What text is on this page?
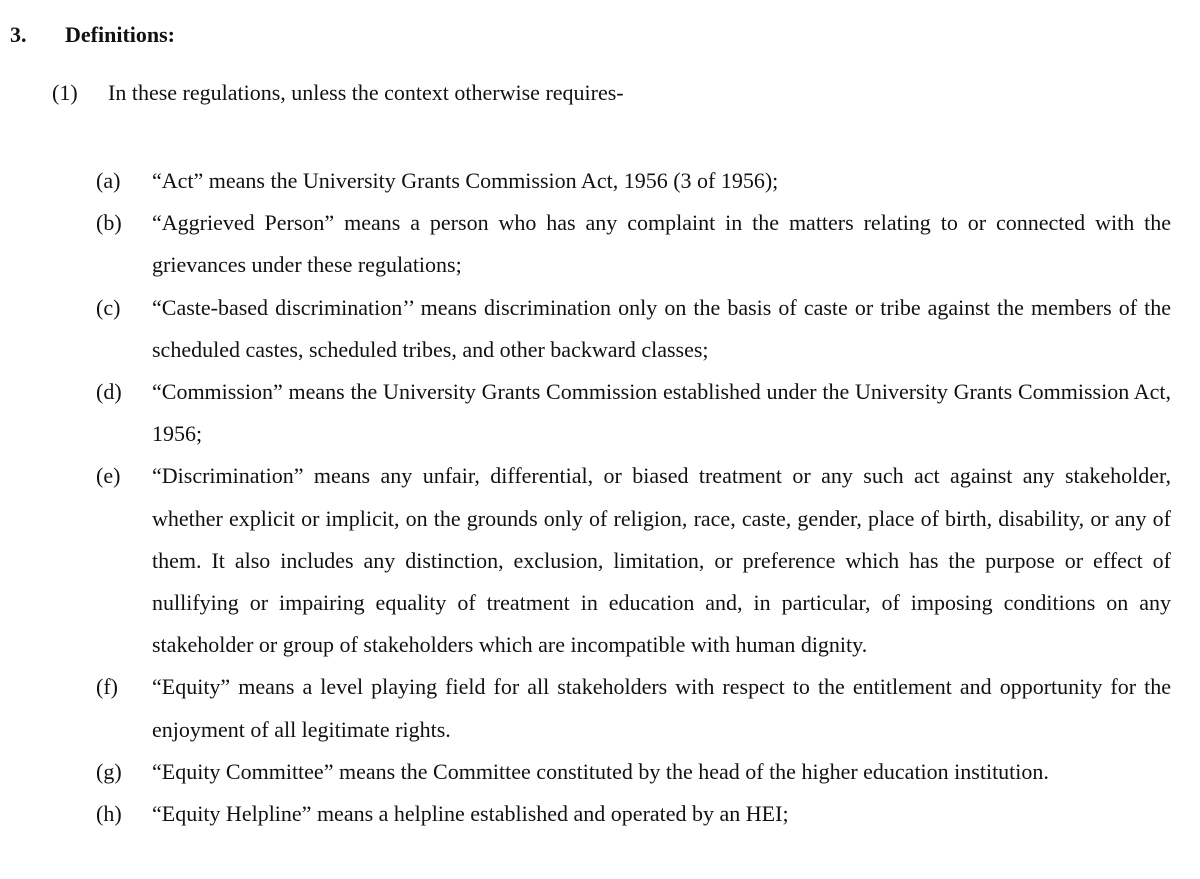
3. Definitions:
(1) In these regulations, unless the context otherwise requires-
(a)	“Act” means the University Grants Commission Act, 1956 (3 of 1956);
(b)	“Aggrieved Person” means a person who has any complaint in the matters relating to or connected with the grievances under these regulations;
(c)	“Caste-based discrimination’’ means discrimination only on the basis of caste or tribe against the members of the scheduled castes, scheduled tribes, and other backward classes;
(d)	“Commission” means the University Grants Commission established under the University Grants Commission Act, 1956;
(e)	“Discrimination” means any unfair, differential, or biased treatment or any such act against any stakeholder, whether explicit or implicit, on the grounds only of religion, race, caste, gender, place of birth, disability, or any of them. It also includes any distinction, exclusion, limitation, or preference which has the purpose or effect of nullifying or impairing equality of treatment in education and, in particular, of imposing conditions on any stakeholder or group of stakeholders which are incompatible with human dignity.
(f)	“Equity” means a level playing field for all stakeholders with respect to the entitlement and opportunity for the enjoyment of all legitimate rights.
(g)	“Equity Committee” means the Committee constituted by the head of the higher education institution.
(h)	“Equity Helpline” means a helpline established and operated by an HEI;
